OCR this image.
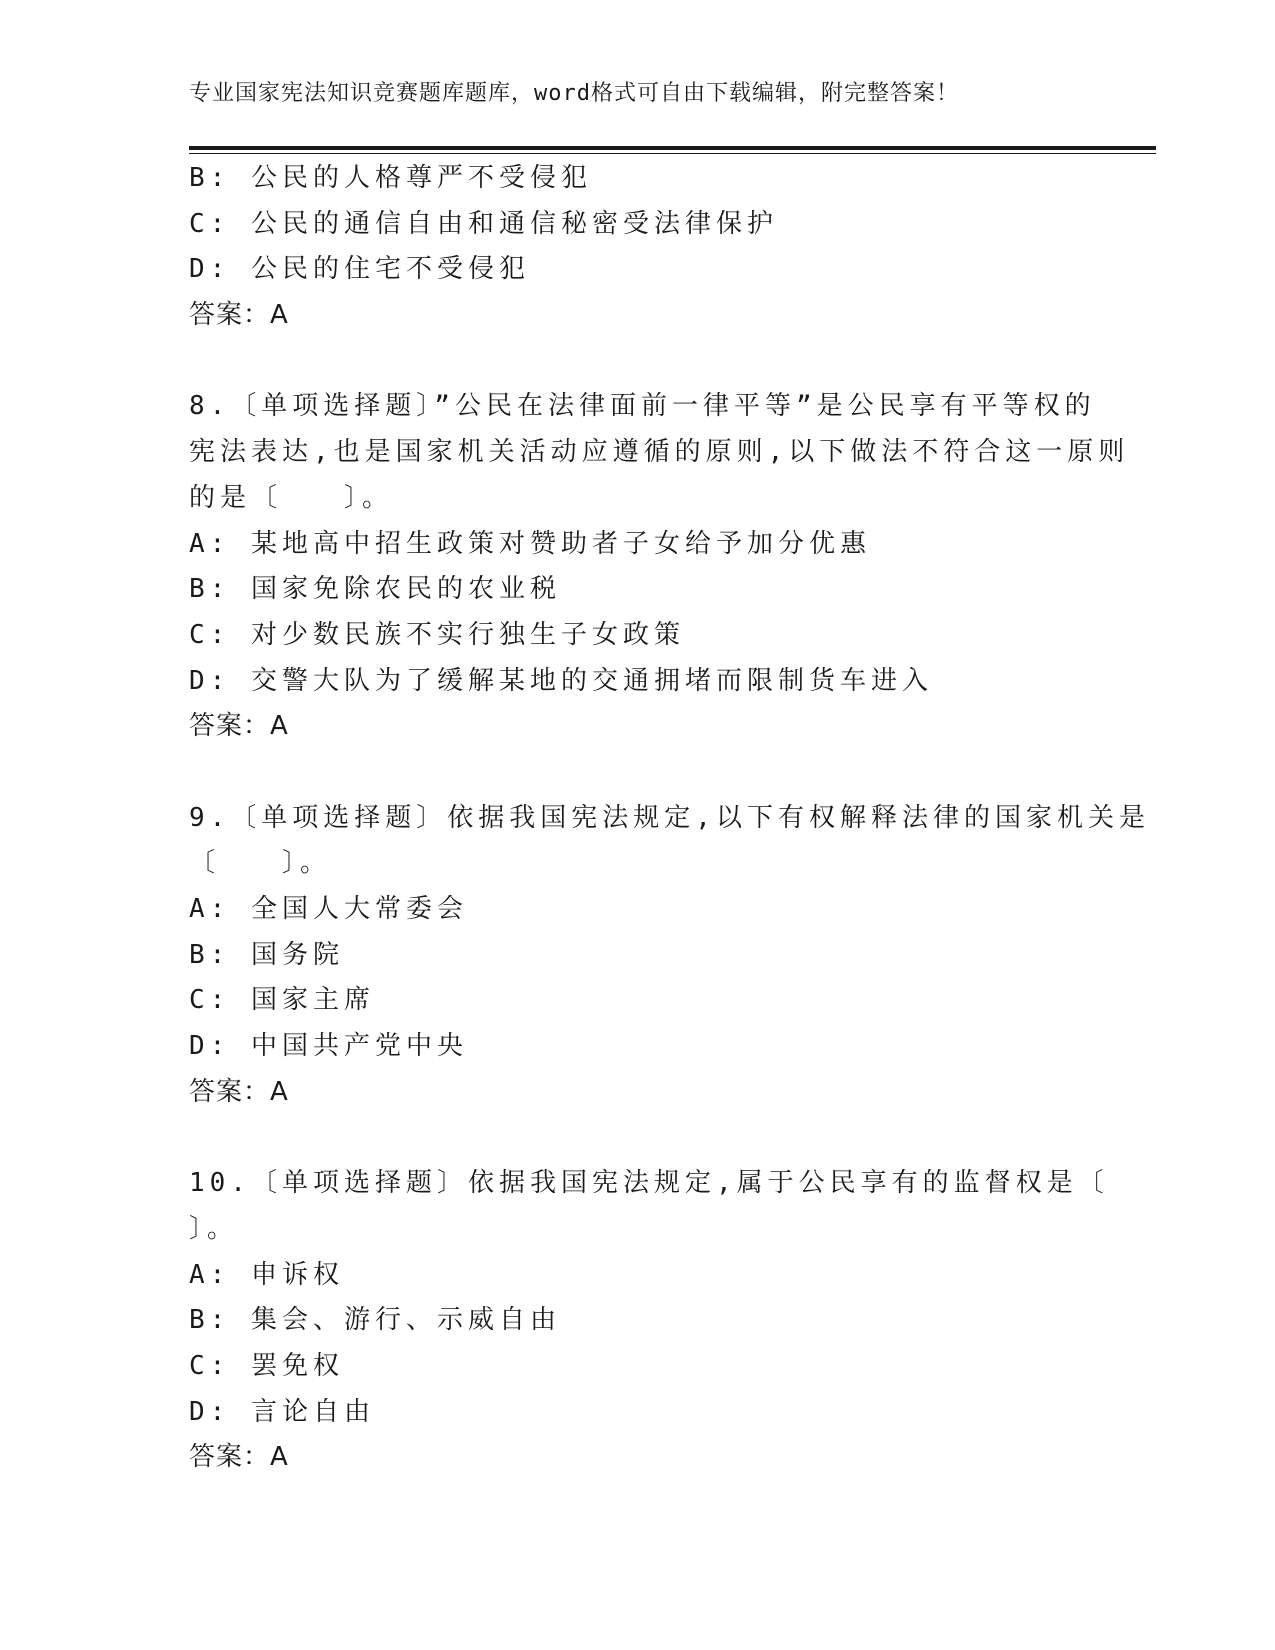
专业国家宪法知识竞赛题库题库，word格式可自由下载编辑，附完整答案！
B: 公民的人格尊严不受侵犯
C: 公民的通信自由和通信秘密受法律保护
D: 公民的住宅不受侵犯
答案：A
8.〔单项选择题〕”公民在法律面前一律平等”是公民享有平等权的
宪法表达,也是国家机关活动应遵循的原则,以下做法不符合这一原则
的是〔　　〕。
A: 某地高中招生政策对赞助者子女给予加分优惠
B: 国家免除农民的农业税
C: 对少数民族不实行独生子女政策
D: 交警大队为了缓解某地的交通拥堵而限制货车进入
答案：A
9.〔单项选择题〕依据我国宪法规定,以下有权解释法律的国家机关是
〔　　〕。
A: 全国人大常委会
B: 国务院
C: 国家主席
D: 中国共产党中央
答案：A
10.〔单项选择题〕依据我国宪法规定,属于公民享有的监督权是〔
〕。
A: 申诉权
B: 集会、游行、示威自由
C: 罢免权
D: 言论自由
答案：A
